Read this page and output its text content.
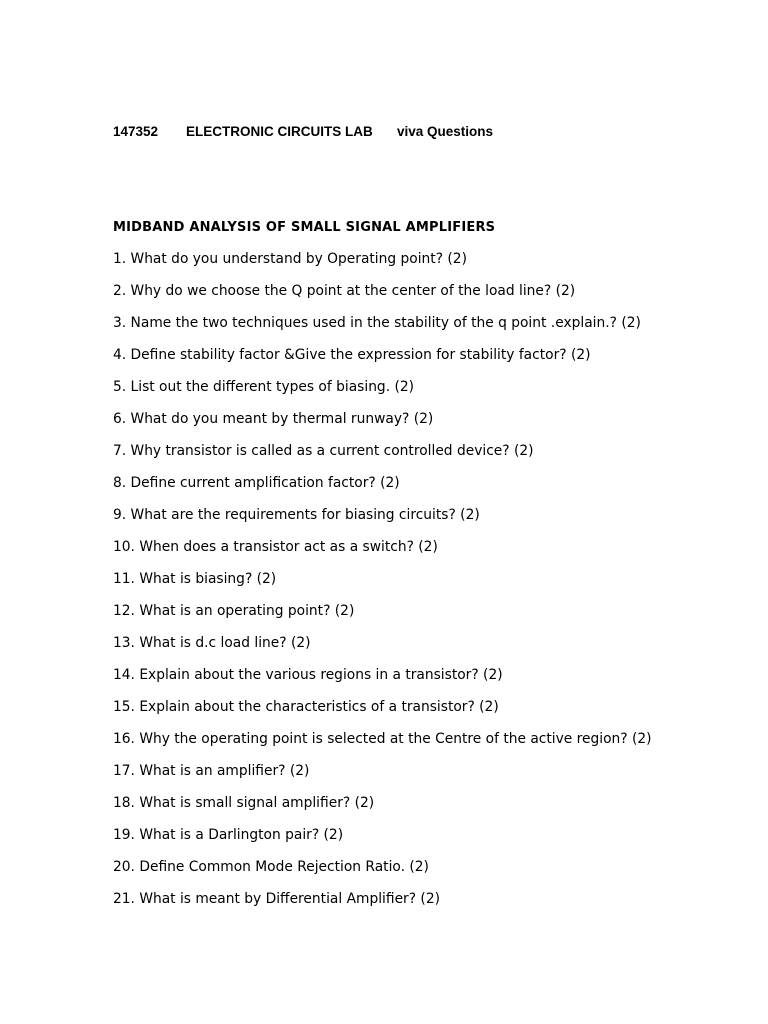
147352 ELECTRONIC CIRCUITS LAB viva Questions
MIDBAND ANALYSIS OF SMALL SIGNAL AMPLIFIERS
1. What do you understand by Operating point? (2)
2. Why do we choose the Q point at the center of the load line? (2)
3. Name the two techniques used in the stability of the q point .explain.? (2)
4. Define stability factor &Give the expression for stability factor? (2)
5. List out the different types of biasing. (2)
6. What do you meant by thermal runway? (2)
7. Why transistor is called as a current controlled device? (2)
8. Define current amplification factor? (2)
9. What are the requirements for biasing circuits? (2)
10. When does a transistor act as a switch? (2)
11. What is biasing? (2)
12. What is an operating point? (2)
13. What is d.c load line? (2)
14. Explain about the various regions in a transistor? (2)
15. Explain about the characteristics of a transistor? (2)
16. Why the operating point is selected at the Centre of the active region? (2)
17. What is an amplifier? (2)
18. What is small signal amplifier? (2)
19. What is a Darlington pair? (2)
20. Define Common Mode Rejection Ratio. (2)
21. What is meant by Differential Amplifier? (2)
